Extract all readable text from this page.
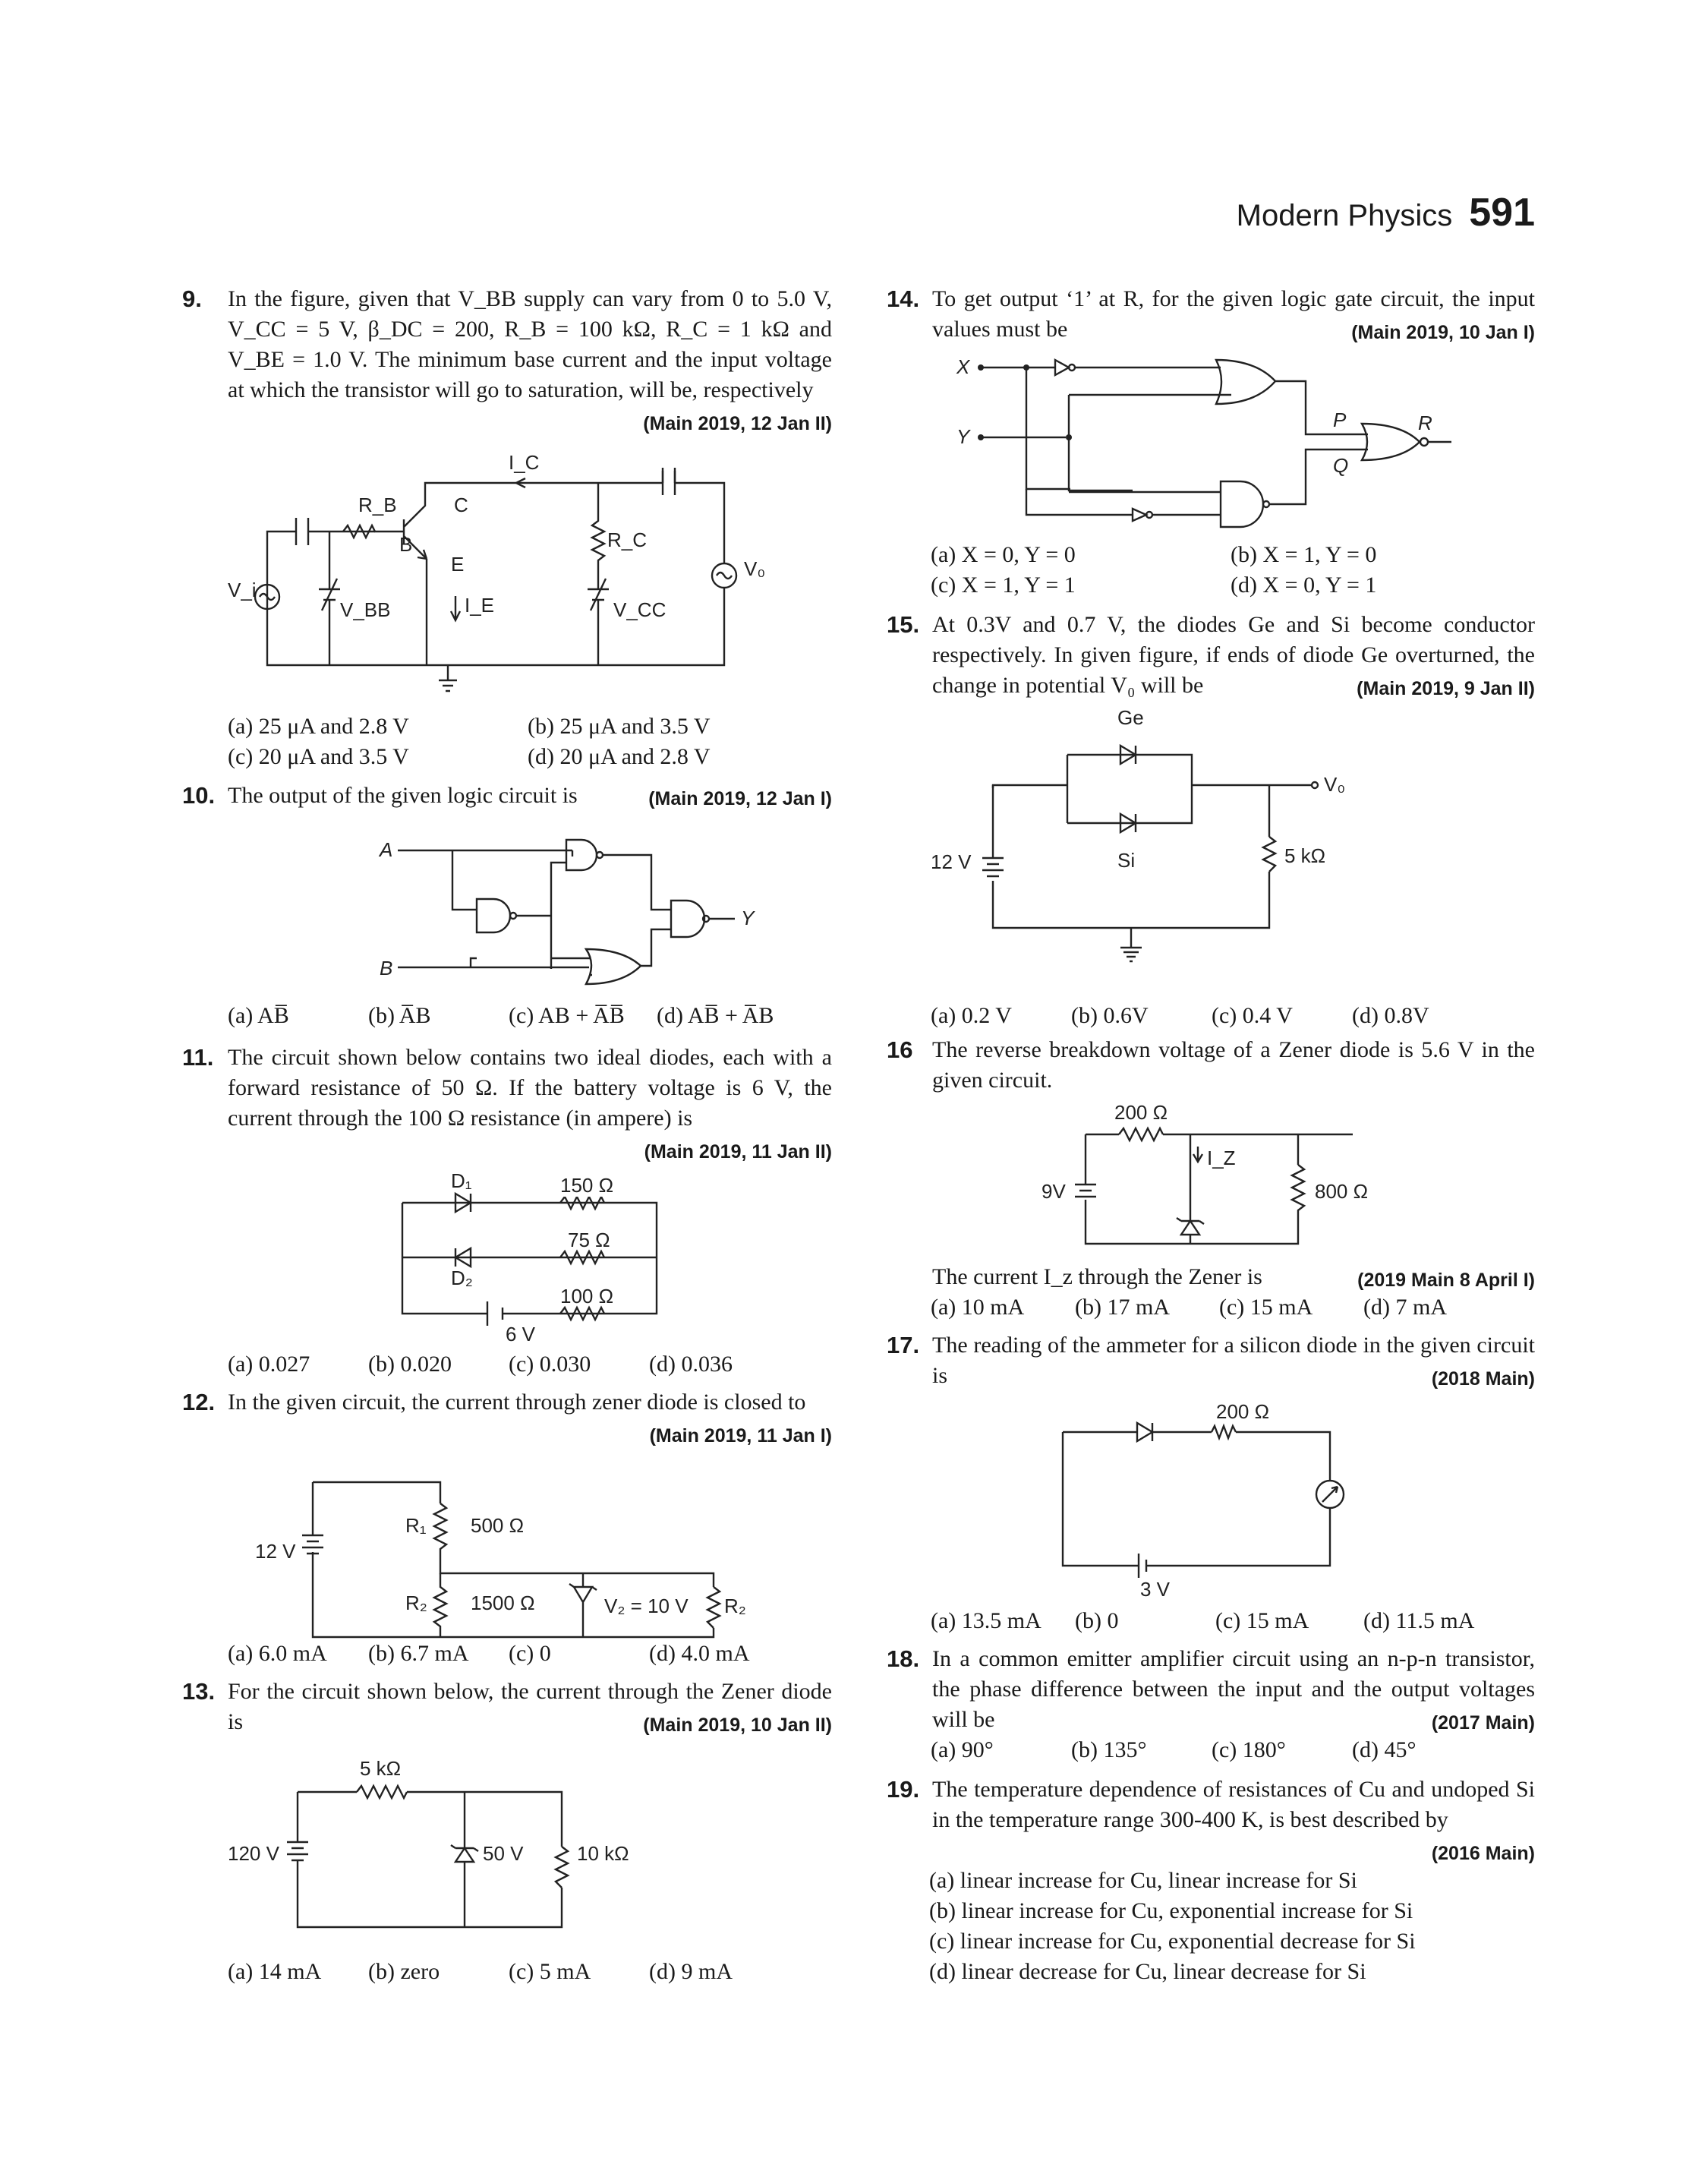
Modern Physics 591
9. In the figure, given that V_BB supply can vary from 0 to 5.0 V, V_CC = 5 V, β_DC = 200, R_B = 100 kΩ, R_C = 1 kΩ and V_BE = 1.0 V. The minimum base current and the input voltage at which the transistor will go to saturation, will be, respectively
(Main 2019, 12 Jan II)
I_C
C
R_B
B
E
R_C
V₀
V_i
V_BB	I_E	V_CC
(a) 25 μA and 2.8 V	(b) 25 μA and 3.5 V
(c) 20 μA and 3.5 V	(d) 20 μA and 2.8 V
10. The output of the given logic circuit is	(Main 2019, 12 Jan I)
A
B
Y
(a) AB̅	(b) A̅B	(c) AB + A̅B̅ (d) AB̅ + A̅B
11. The circuit shown below contains two ideal diodes, each with a forward resistance of 50 Ω. If the battery voltage is 6 V, the current through the 100 Ω resistance (in ampere) is
(Main 2019, 11 Jan II)
D₁
D₂
150 Ω
75 Ω
100 Ω
6 V
(a) 0.027	(b) 0.020	(c) 0.030	(d) 0.036
12. In the given circuit, the current through zener diode is closed to
(Main 2019, 11 Jan I)
12 V
R₁ 500 Ω
R₂ 1500 Ω	V₂ = 10 V R₂
(a) 6.0 mA (b) 6.7 mA (c) 0	(d) 4.0 mA
13. For the circuit shown below, the current through the Zener diode is	(Main 2019, 10 Jan II)
5 kΩ
120 V	50 V	10 kΩ
(a) 14 mA (b) zero	(c) 5 mA	(d) 9 mA
14. To get output ‘1’ at R, for the given logic gate circuit, the input values must be	(Main 2019, 10 Jan I)
X
Y
P
Q
R
(a) X = 0, Y = 0	(b) X = 1, Y = 0
(c) X = 1, Y = 1	(d) X = 0, Y = 1
15. At 0.3V and 0.7 V, the diodes Ge and Si become conductor respectively. In given figure, if ends of diode Ge overturned, the change in potential V₀ will be	(Main 2019, 9 Jan II)
Ge
Si
V₀
12 V	5 kΩ
(a) 0.2 V	(b) 0.6V	(c) 0.4 V	(d) 0.8V
16 The reverse breakdown voltage of a Zener diode is 5.6 V in the given circuit.
200 Ω
I_Z
9V	800 Ω
The current I_z through the Zener is	(2019 Main 8 April I)
(a) 10 mA (b) 17 mA (c) 15 mA (d) 7 mA
17. The reading of the ammeter for a silicon diode in the given circuit is	(2018 Main)
200 Ω
3 V
(a) 13.5 mA (b) 0	(c) 15 mA (d) 11.5 mA
18. In a common emitter amplifier circuit using an n-p-n transistor, the phase difference between the input and the output voltages will be	(2017 Main)
(a) 90°	(b) 135°	(c) 180°	(d) 45°
19. The temperature dependence of resistances of Cu and undoped Si in the temperature range 300-400 K, is best described by
(2016 Main)
(a) linear increase for Cu, linear increase for Si
(b) linear increase for Cu, exponential increase for Si
(c) linear increase for Cu, exponential decrease for Si
(d) linear decrease for Cu, linear decrease for Si
